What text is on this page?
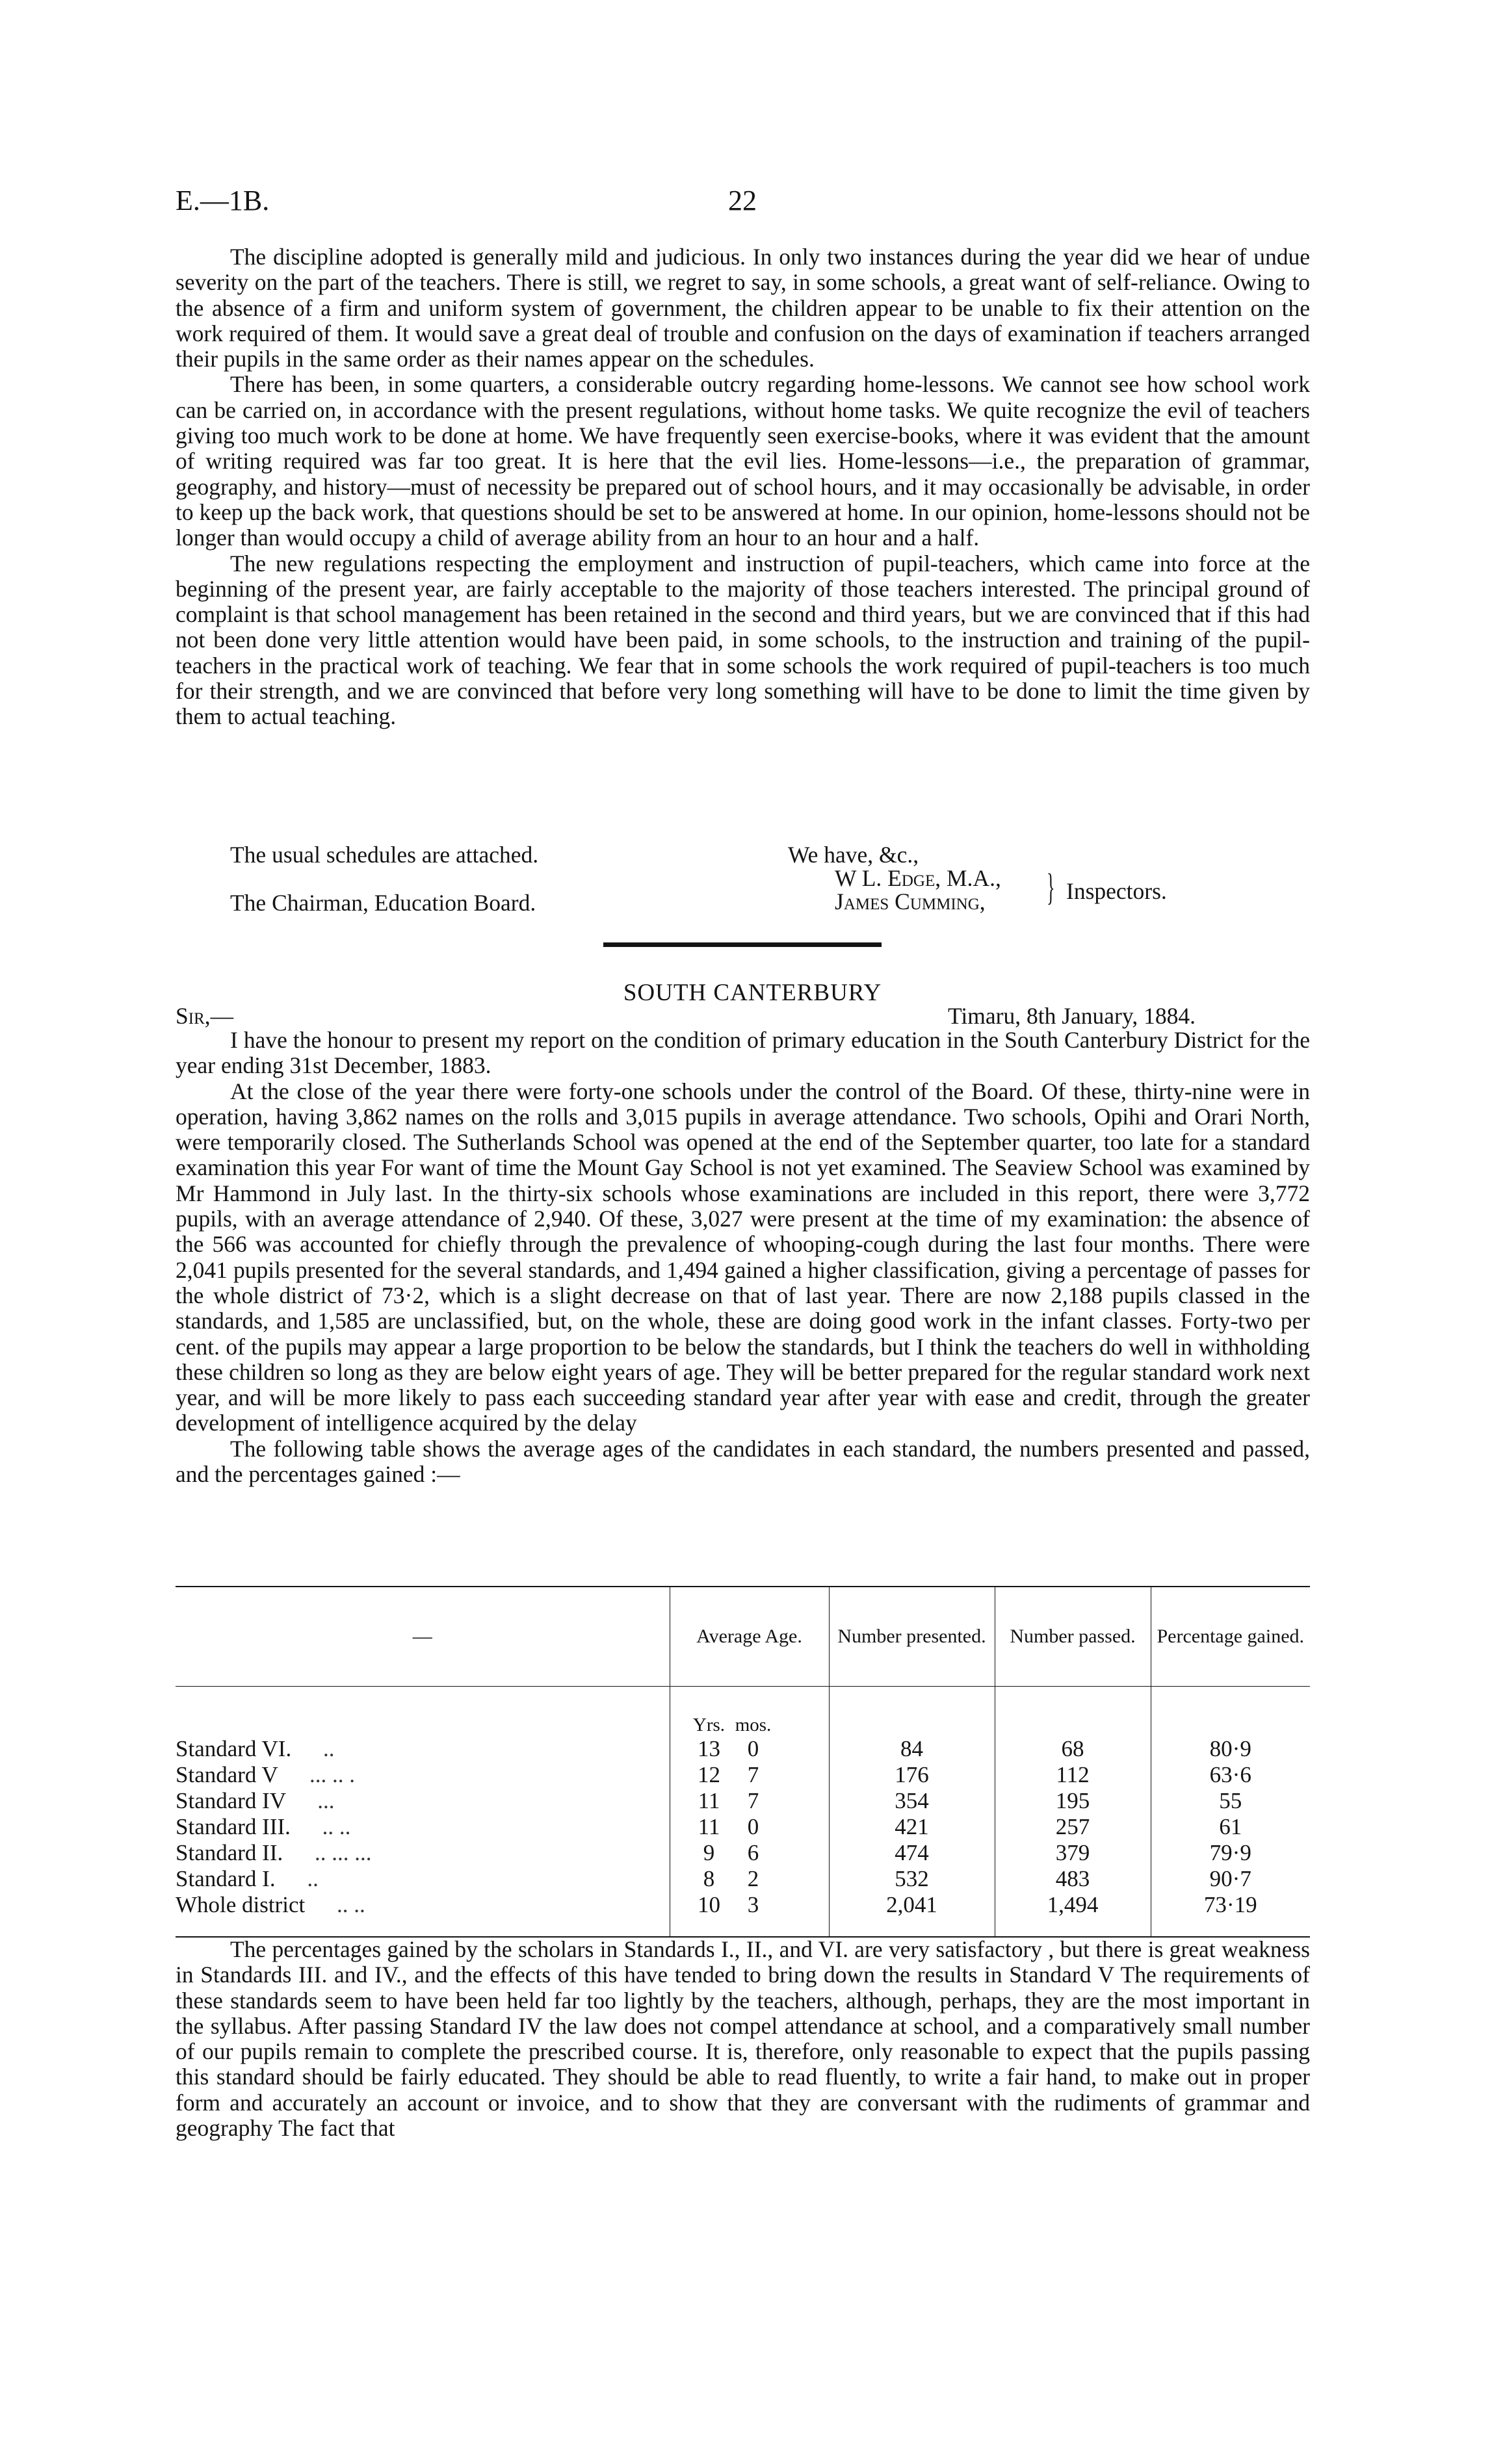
E.—1B.	22

The discipline adopted is generally mild and judicious. In only two instances during the year did we hear of undue severity on the part of the teachers. There is still, we regret to say, in some schools, a great want of self-reliance. Owing to the absence of a firm and uniform system of government, the children appear to be unable to fix their attention on the work required of them. It would save a great deal of trouble and confusion on the days of examination if teachers arranged their pupils in the same order as their names appear on the schedules.

There has been, in some quarters, a considerable outcry regarding home-lessons. We cannot see how school work can be carried on, in accordance with the present regulations, without home tasks. We quite recognize the evil of teachers giving too much work to be done at home. We have frequently seen exercise-books, where it was evident that the amount of writing required was far too great. It is here that the evil lies. Home-lessons—i.e., the preparation of grammar, geography, and history—must of necessity be prepared out of school hours, and it may occasionally be advisable, in order to keep up the back work, that questions should be set to be answered at home. In our opinion, home-lessons should not be longer than would occupy a child of average ability from an hour to an hour and a half.

The new regulations respecting the employment and instruction of pupil-teachers, which came into force at the beginning of the present year, are fairly acceptable to the majority of those teachers interested. The principal ground of complaint is that school management has been retained in the second and third years, but we are convinced that if this had not been done very little attention would have been paid, in some schools, to the instruction and training of the pupil-teachers in the practical work of teaching. We fear that in some schools the work required of pupil-teachers is too much for their strength, and we are convinced that before very long something will have to be done to limit the time given by them to actual teaching.

The usual schedules are attached.	We have, &c.,
W L. Edge, M.A.,
James Cumming, } Inspectors.
The Chairman, Education Board.
SOUTH CANTERBURY
Sir,—	Timaru, 8th January, 1884.

I have the honour to present my report on the condition of primary education in the South Canterbury District for the year ending 31st December, 1883.

At the close of the year there were forty-one schools under the control of the Board. Of these, thirty-nine were in operation, having 3,862 names on the rolls and 3,015 pupils in average attendance. Two schools, Opihi and Orari North, were temporarily closed. The Sutherlands School was opened at the end of the September quarter, too late for a standard examination this year For want of time the Mount Gay School is not yet examined. The Seaview School was examined by Mr Hammond in July last. In the thirty-six schools whose examinations are included in this report, there were 3,772 pupils, with an average attendance of 2,940. Of these, 3,027 were present at the time of my examination: the absence of the 566 was accounted for chiefly through the prevalence of whooping-cough during the last four months. There were 2,041 pupils presented for the several standards, and 1,494 gained a higher classification, giving a percentage of passes for the whole district of 73·2, which is a slight decrease on that of last year. There are now 2,188 pupils classed in the standards, and 1,585 are unclassified, but, on the whole, these are doing good work in the infant classes. Forty-two per cent. of the pupils may appear a large proportion to be below the standards, but I think the teachers do well in withholding these children so long as they are below eight years of age. They will be better prepared for the regular standard work next year, and will be more likely to pass each succeeding standard year after year with ease and credit, through the greater development of intelligence acquired by the delay

The following table shows the average ages of the candidates in each standard, the numbers presented and passed, and the percentages gained :—

—	Average Age.	Number presented.	Number passed.	Percentage gained.
	Yrs. mos.			
Standard VI. ..	13 0	84	68	80·9
Standard V ... .. .	12 7	176	112	63·6
Standard IV ...	11 7	354	195	55
Standard III. .. ..	11 0	421	257	61
Standard II. .. ... ...	9 6	474	379	79·9
Standard I. ..	8 2	532	483	90·7
Whole district .. ..	10 3	2,041	1,494	73·19

The percentages gained by the scholars in Standards I., II., and VI. are very satisfactory , but there is great weakness in Standards III. and IV., and the effects of this have tended to bring down the results in Standard V The requirements of these standards seem to have been held far too lightly by the teachers, although, perhaps, they are the most important in the syllabus. After passing Standard IV the law does not compel attendance at school, and a comparatively small number of our pupils remain to complete the prescribed course. It is, therefore, only reasonable to expect that the pupils passing this standard should be fairly educated. They should be able to read fluently, to write a fair hand, to make out in proper form and accurately an account or invoice, and to show that they are conversant with the rudiments of grammar and geography The fact that
